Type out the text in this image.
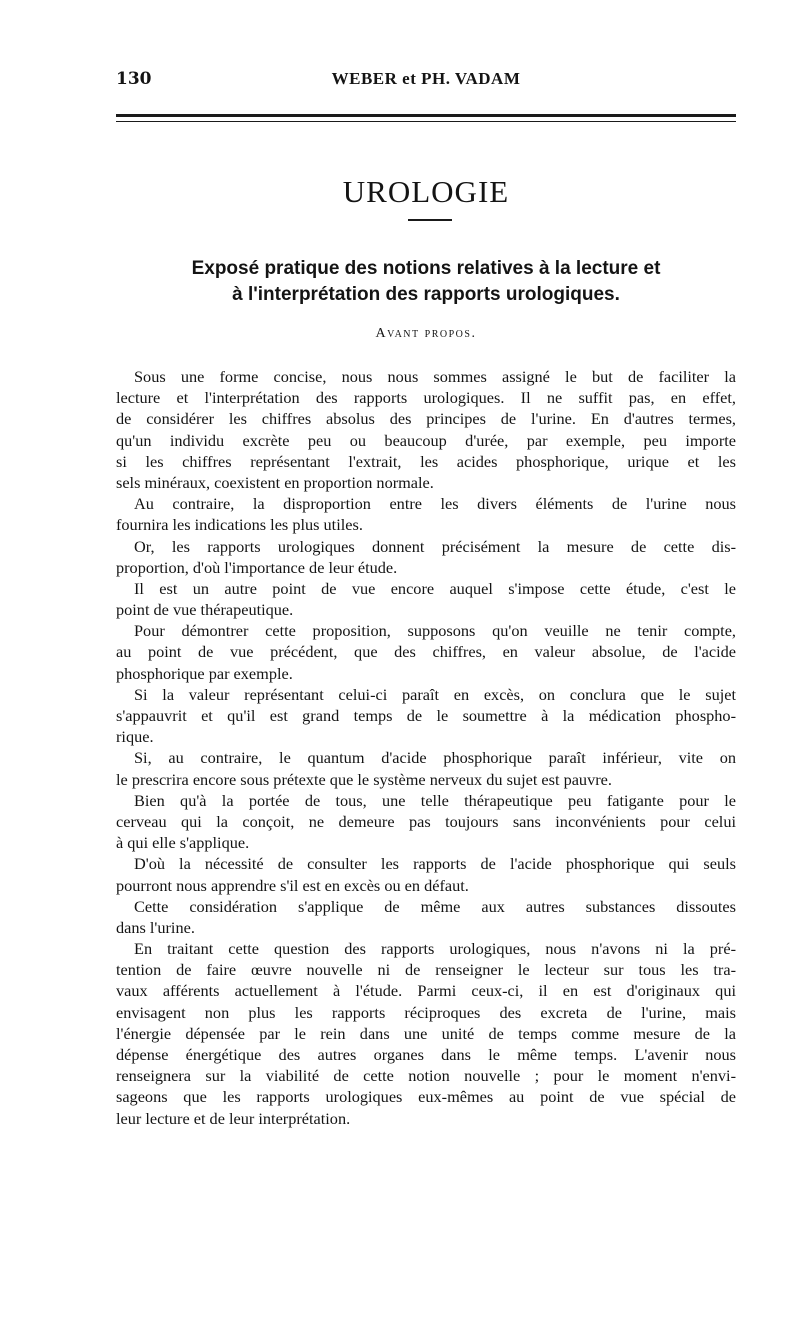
130	WEBER et PH. VADAM
UROLOGIE
Exposé pratique des notions relatives à la lecture et
à l'interprétation des rapports urologiques.
Avant propos.
Sous une forme concise, nous nous sommes assigné le but de faciliter la
lecture et l'interprétation des rapports urologiques. Il ne suffit pas, en effet,
de considérer les chiffres absolus des principes de l'urine. En d'autres termes,
qu'un individu excrète peu ou beaucoup d'urée, par exemple, peu importe
si les chiffres représentant l'extrait, les acides phosphorique, urique et les
sels minéraux, coexistent en proportion normale.
Au contraire, la disproportion entre les divers éléments de l'urine nous
fournira les indications les plus utiles.
Or, les rapports urologiques donnent précisément la mesure de cette dis-
proportion, d'où l'importance de leur étude.
Il est un autre point de vue encore auquel s'impose cette étude, c'est le
point de vue thérapeutique.
Pour démontrer cette proposition, supposons qu'on veuille ne tenir compte,
au point de vue précédent, que des chiffres, en valeur absolue, de l'acide
phosphorique par exemple.
Si la valeur représentant celui-ci paraît en excès, on conclura que le sujet
s'appauvrit et qu'il est grand temps de le soumettre à la médication phospho-
rique.
Si, au contraire, le quantum d'acide phosphorique paraît inférieur, vite on
le prescrira encore sous prétexte que le système nerveux du sujet est pauvre.
Bien qu'à la portée de tous, une telle thérapeutique peu fatigante pour le
cerveau qui la conçoit, ne demeure pas toujours sans inconvénients pour celui
à qui elle s'applique.
D'où la nécessité de consulter les rapports de l'acide phosphorique qui seuls
pourront nous apprendre s'il est en excès ou en défaut.
Cette considération s'applique de même aux autres substances dissoutes
dans l'urine.
En traitant cette question des rapports urologiques, nous n'avons ni la pré-
tention de faire œuvre nouvelle ni de renseigner le lecteur sur tous les tra-
vaux afférents actuellement à l'étude. Parmi ceux-ci, il en est d'originaux qui
envisagent non plus les rapports réciproques des excreta de l'urine, mais
l'énergie dépensée par le rein dans une unité de temps comme mesure de la
dépense énergétique des autres organes dans le même temps. L'avenir nous
renseignera sur la viabilité de cette notion nouvelle ; pour le moment n'envi-
sageons que les rapports urologiques eux-mêmes au point de vue spécial de
leur lecture et de leur interprétation.
